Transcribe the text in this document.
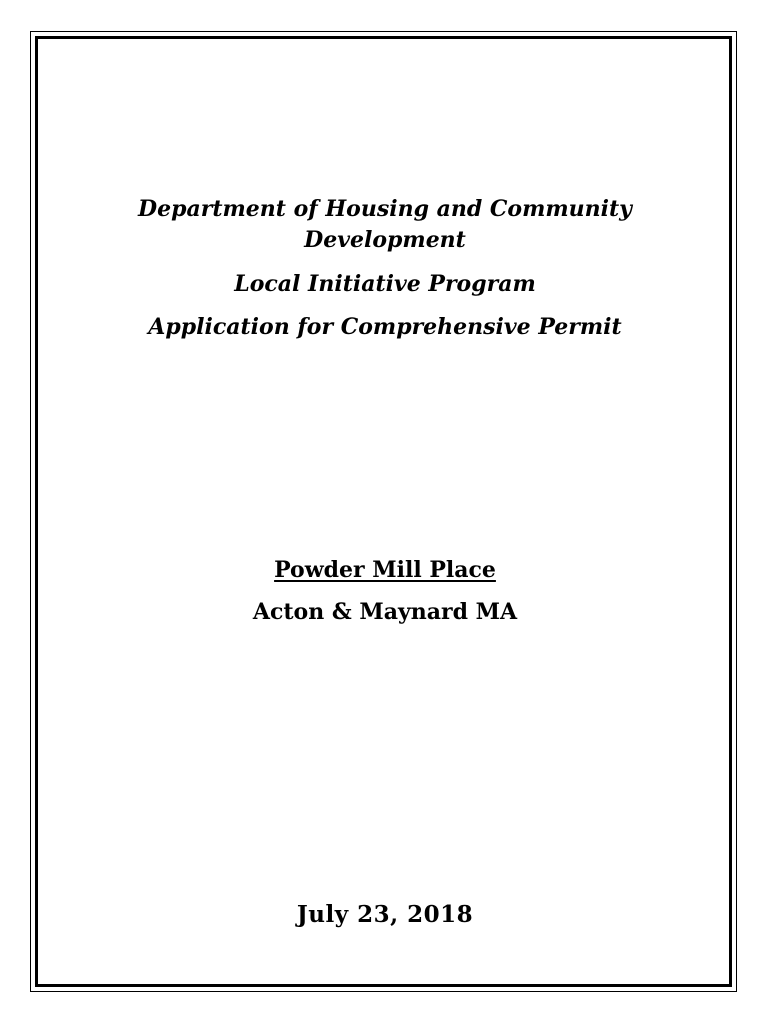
Department of Housing and Community
Development
Local Initiative Program
Application for Comprehensive Permit
Powder Mill Place
Acton & Maynard MA
July 23, 2018
